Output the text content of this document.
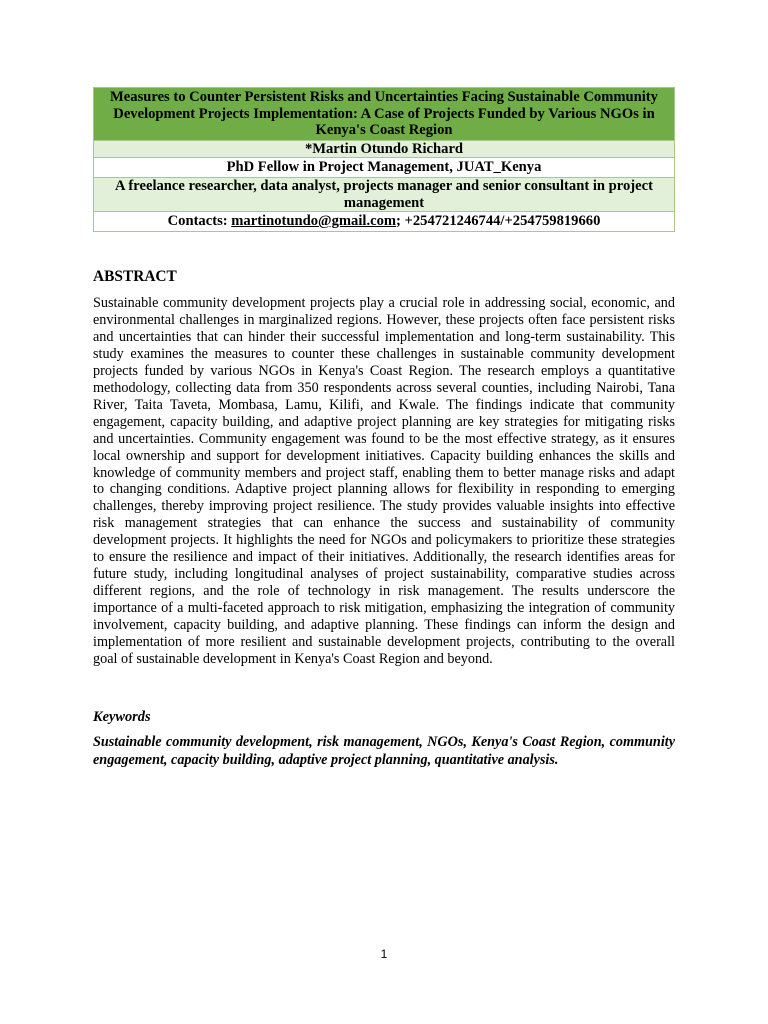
Measures to Counter Persistent Risks and Uncertainties Facing Sustainable Community Development Projects Implementation: A Case of Projects Funded by Various NGOs in Kenya's Coast Region
*Martin Otundo Richard
PhD Fellow in Project Management, JUAT_Kenya
A freelance researcher, data analyst, projects manager and senior consultant in project management
Contacts: martinotundo@gmail.com; +254721246744/+254759819660
ABSTRACT

Sustainable community development projects play a crucial role in addressing social, economic, and environmental challenges in marginalized regions. However, these projects often face persistent risks and uncertainties that can hinder their successful implementation and long-term sustainability. This study examines the measures to counter these challenges in sustainable community development projects funded by various NGOs in Kenya's Coast Region. The research employs a quantitative methodology, collecting data from 350 respondents across several counties, including Nairobi, Tana River, Taita Taveta, Mombasa, Lamu, Kilifi, and Kwale. The findings indicate that community engagement, capacity building, and adaptive project planning are key strategies for mitigating risks and uncertainties. Community engagement was found to be the most effective strategy, as it ensures local ownership and support for development initiatives. Capacity building enhances the skills and knowledge of community members and project staff, enabling them to better manage risks and adapt to changing conditions. Adaptive project planning allows for flexibility in responding to emerging challenges, thereby improving project resilience. The study provides valuable insights into effective risk management strategies that can enhance the success and sustainability of community development projects. It highlights the need for NGOs and policymakers to prioritize these strategies to ensure the resilience and impact of their initiatives. Additionally, the research identifies areas for future study, including longitudinal analyses of project sustainability, comparative studies across different regions, and the role of technology in risk management. The results underscore the importance of a multi-faceted approach to risk mitigation, emphasizing the integration of community involvement, capacity building, and adaptive planning. These findings can inform the design and implementation of more resilient and sustainable development projects, contributing to the overall goal of sustainable development in Kenya's Coast Region and beyond.

Keywords

Sustainable community development, risk management, NGOs, Kenya's Coast Region, community engagement, capacity building, adaptive project planning, quantitative analysis.

1
